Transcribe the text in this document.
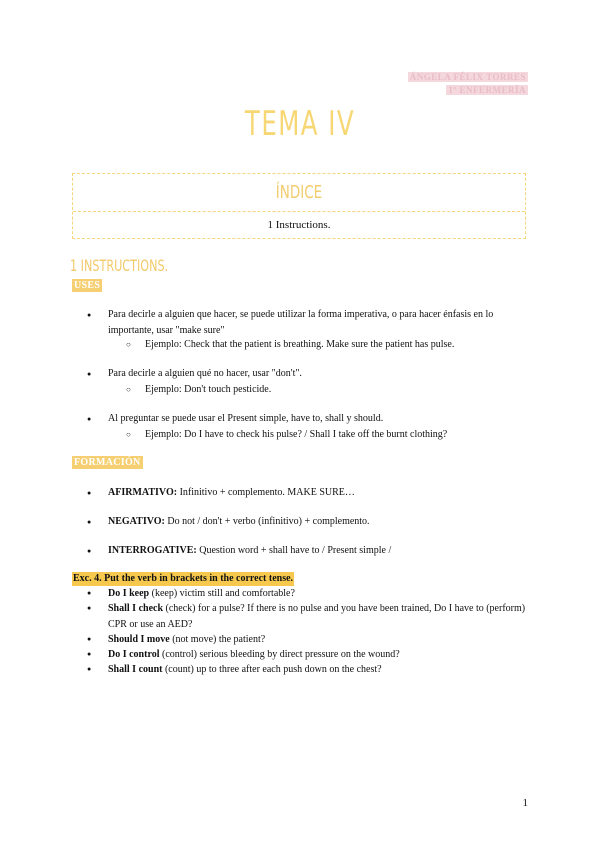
ÁNGELA FÉLIX TORRES
1º ENFERMERÍA
TEMA IV
ÍNDICE
1 Instructions.
1 INSTRUCTIONS.
USES
● Para decirle a alguien que hacer, se puede utilizar la forma imperativa, o para hacer énfasis en lo importante, usar "make sure"
○ Ejemplo: Check that the patient is breathing. Make sure the patient has pulse.
● Para decirle a alguien qué no hacer, usar "don't".
○ Ejemplo: Don't touch pesticide.
● Al preguntar se puede usar el Present simple, have to, shall y should.
○ Ejemplo: Do I have to check his pulse? / Shall I take off the burnt clothing?
FORMACIÓN
● AFIRMATIVO: Infinitivo + complemento. MAKE SURE…
● NEGATIVO: Do not / don't + verbo (infinitivo) + complemento.
● INTERROGATIVE: Question word + shall have to / Present simple /
Exc. 4. Put the verb in brackets in the correct tense.
● Do I keep (keep) victim still and comfortable?
● Shall I check (check) for a pulse? If there is no pulse and you have been trained, Do I have to (perform) CPR or use an AED?
● Should I move (not move) the patient?
● Do I control (control) serious bleeding by direct pressure on the wound?
● Shall I count (count) up to three after each push down on the chest?
1
